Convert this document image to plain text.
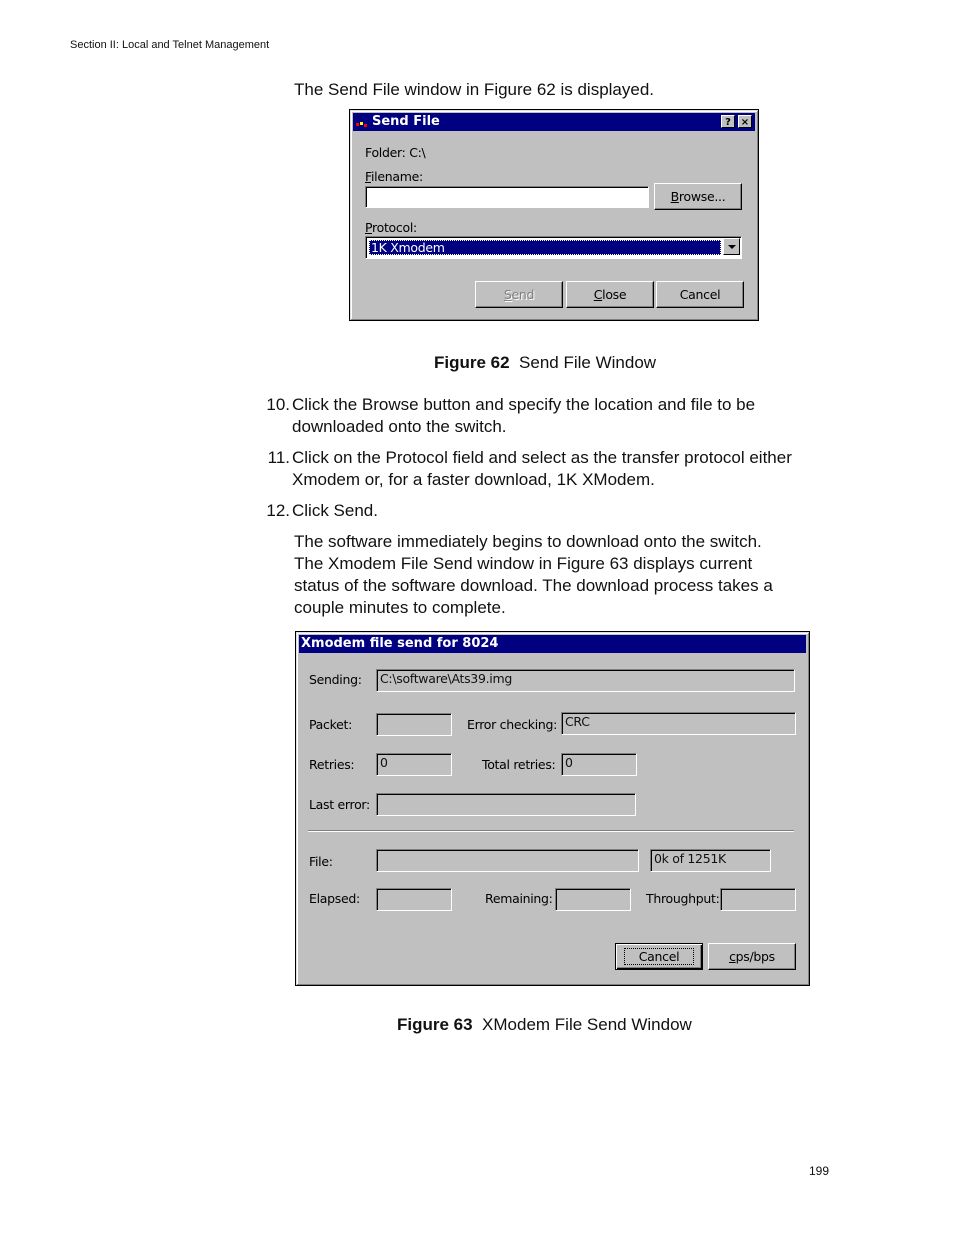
Section II: Local and Telnet Management
The Send File window in Figure 62 is displayed.
Send File	? ×
Folder: C:\
Filename:
Browse...
Protocol:
1K Xmodem
Send	Close	Cancel
Figure 62 Send File Window
10. Click the Browse button and specify the location and file to be downloaded onto the switch.
11. Click on the Protocol field and select as the transfer protocol either Xmodem or, for a faster download, 1K XModem.
12. Click Send.
The software immediately begins to download onto the switch. The Xmodem File Send window in Figure 63 displays current status of the software download. The download process takes a couple minutes to complete.
Xmodem file send for 8024
Sending:	C:\software\Ats39.img
Packet:	Error checking: CRC
Retries:	0	Total retries: 0
Last error:
File:	0k of 1251K
Elapsed:	Remaining:	Throughput:
Cancel	cps/bps
Figure 63 XModem File Send Window
199
